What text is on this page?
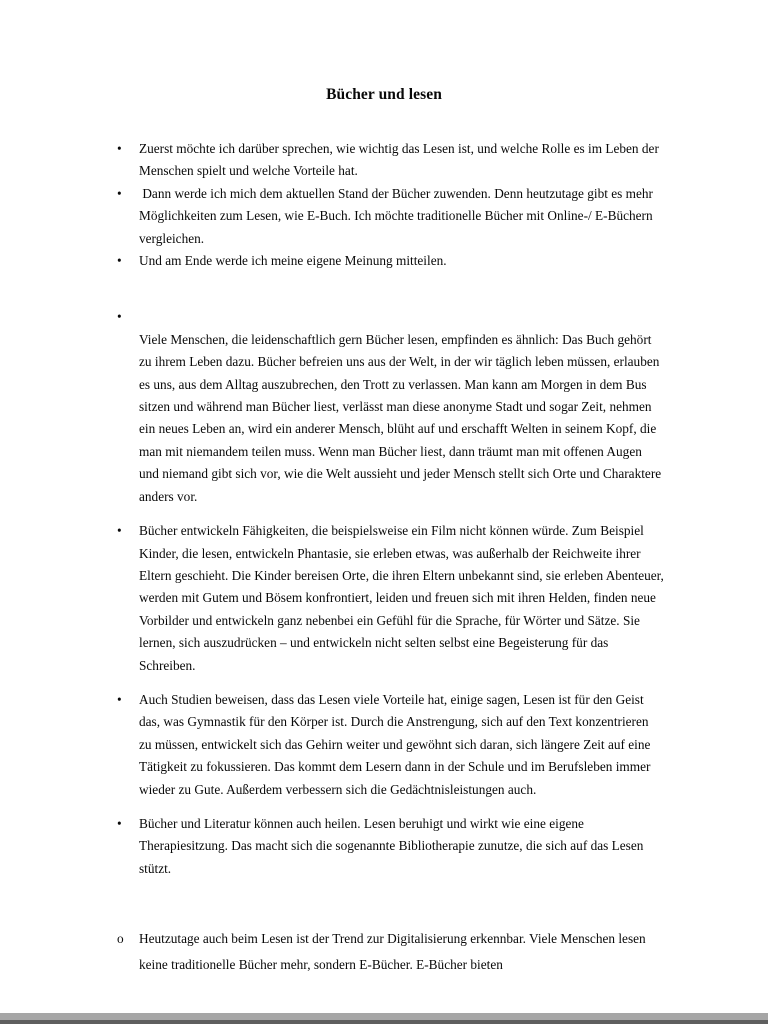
Bücher und lesen
•	Zuerst möchte ich darüber sprechen, wie wichtig das Lesen ist, und welche Rolle es im Leben der Menschen spielt und welche Vorteile hat.
•	Dann werde ich mich dem aktuellen Stand der Bücher zuwenden. Denn heutzutage gibt es mehr Möglichkeiten zum Lesen, wie E-Buch. Ich möchte traditionelle Bücher mit Online-/ E-Büchern vergleichen.
•	Und am Ende werde ich meine eigene Meinung mitteilen.
•
Viele Menschen, die leidenschaftlich gern Bücher lesen, empfinden es ähnlich: Das Buch gehört zu ihrem Leben dazu. Bücher befreien uns aus der Welt, in der wir täglich leben müssen, erlauben es uns, aus dem Alltag auszubrechen, den Trott zu verlassen. Man kann am Morgen in dem Bus sitzen und während man Bücher liest, verlässt man diese anonyme Stadt und sogar Zeit, nehmen ein neues Leben an, wird ein anderer Mensch, blüht auf und erschafft Welten in seinem Kopf, die man mit niemandem teilen muss. Wenn man Bücher liest, dann träumt man mit offenen Augen und niemand gibt sich vor, wie die Welt aussieht und jeder Mensch stellt sich Orte und Charaktere anders vor.
•	Bücher entwickeln Fähigkeiten, die beispielsweise ein Film nicht können würde. Zum Beispiel Kinder, die lesen, entwickeln Phantasie, sie erleben etwas, was außerhalb der Reichweite ihrer Eltern geschieht. Die Kinder bereisen Orte, die ihren Eltern unbekannt sind, sie erleben Abenteuer, werden mit Gutem und Bösem konfrontiert, leiden und freuen sich mit ihren Helden, finden neue Vorbilder und entwickeln ganz nebenbei ein Gefühl für die Sprache, für Wörter und Sätze. Sie lernen, sich auszudrücken – und entwickeln nicht selten selbst eine Begeisterung für das Schreiben.
•	Auch Studien beweisen, dass das Lesen viele Vorteile hat, einige sagen, Lesen ist für den Geist das, was Gymnastik für den Körper ist. Durch die Anstrengung, sich auf den Text konzentrieren zu müssen, entwickelt sich das Gehirn weiter und gewöhnt sich daran, sich längere Zeit auf eine Tätigkeit zu fokussieren. Das kommt dem Lesern dann in der Schule und im Berufsleben immer wieder zu Gute. Außerdem verbessern sich die Gedächtnisleistungen auch.
•	Bücher und Literatur können auch heilen. Lesen beruhigt und wirkt wie eine eigene Therapiesitzung. Das macht sich die sogenannte Bibliotherapie zunutze, die sich auf das Lesen stützt.
o	Heutzutage auch beim Lesen ist der Trend zur Digitalisierung erkennbar. Viele Menschen lesen keine traditionelle Bücher mehr, sondern E-Bücher. E-Bücher bieten
